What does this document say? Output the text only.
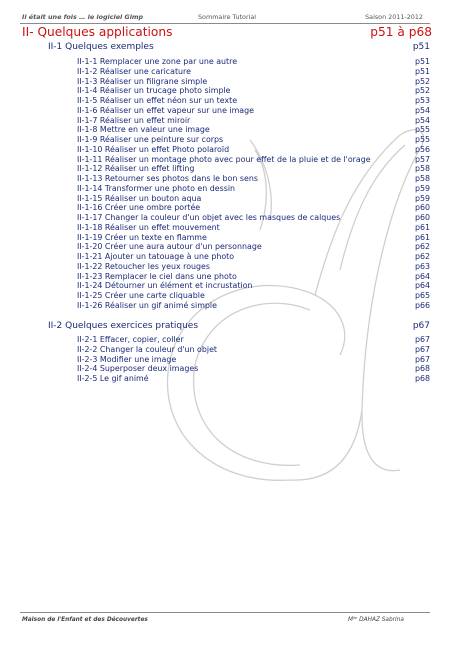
Il était une fois … le logiciel Gimp	Sommaire Tutorial	Saison 2011-2012
II- Quelques applications	p51 à p68
II-1 Quelques exemples	p51
II-1-1 Remplacer une zone par une autre	p51
II-1-2 Réaliser une caricature	p51
II-1-3 Réaliser un filigrane simple	p52
II-1-4 Réaliser un trucage photo simple	p52
II-1-5 Réaliser un effet néon sur un texte	p53
II-1-6 Réaliser un effet vapeur sur une image	p54
II-1-7 Réaliser un effet miroir	p54
II-1-8 Mettre en valeur une image	p55
II-1-9 Réaliser une peinture sur corps	p55
II-1-10 Réaliser un effet Photo polaroïd	p56
II-1-11 Réaliser un montage photo avec pour effet de la pluie et de l'orage	p57
II-1-12 Réaliser un effet lifting	p58
II-1-13 Retourner ses photos dans le bon sens	p58
II-1-14 Transformer une photo en dessin	p59
II-1-15 Réaliser un bouton aqua	p59
II-1-16 Créer une ombre portée	p60
II-1-17 Changer la couleur d'un objet avec les masques de calques	p60
II-1-18 Réaliser un effet mouvement	p61
II-1-19 Créer un texte en flamme	p61
II-1-20 Créer une aura autour d'un personnage	p62
II-1-21 Ajouter un tatouage à une photo	p62
II-1-22 Retoucher les yeux rouges	p63
II-1-23 Remplacer le ciel dans une photo	p64
II-1-24 Détourner un élément et incrustation	p64
II-1-25 Créer une carte cliquable	p65
II-1-26 Réaliser un gif animé simple	p66
II-2 Quelques exercices pratiques	p67
II-2-1 Effacer, copier, coller	p67
II-2-2 Changer la couleur d'un objet	p67
II-2-3 Modifier une image	p67
II-2-4 Superposer deux images	p68
II-2-5 Le gif animé	p68
Maison de l'Enfant et des Découvertes	Mˡˡᵉ DAHAZ Sabrina
